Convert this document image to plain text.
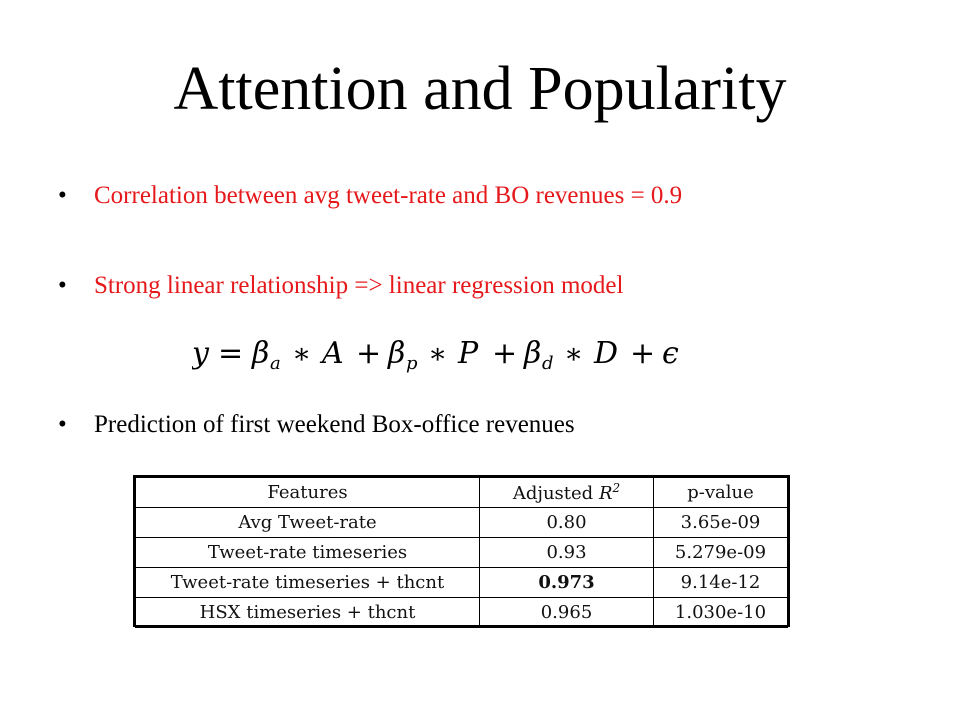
Attention and Popularity
•	Correlation between avg tweet-rate and BO revenues = 0.9
•	Strong linear relationship => linear regression model
y = β a ∗ A + β p ∗ P + β d ∗ D + ϵ
•	Prediction of first weekend Box-office revenues
Features	Adjusted $R^2$	p-value
Avg Tweet-rate	0.80	3.65e-09
Tweet-rate timeseries	0.93	5.279e-09
Tweet-rate timeseries + thcnt	0.973	9.14e-12
HSX timeseries + thcnt	0.965	1.030e-10
